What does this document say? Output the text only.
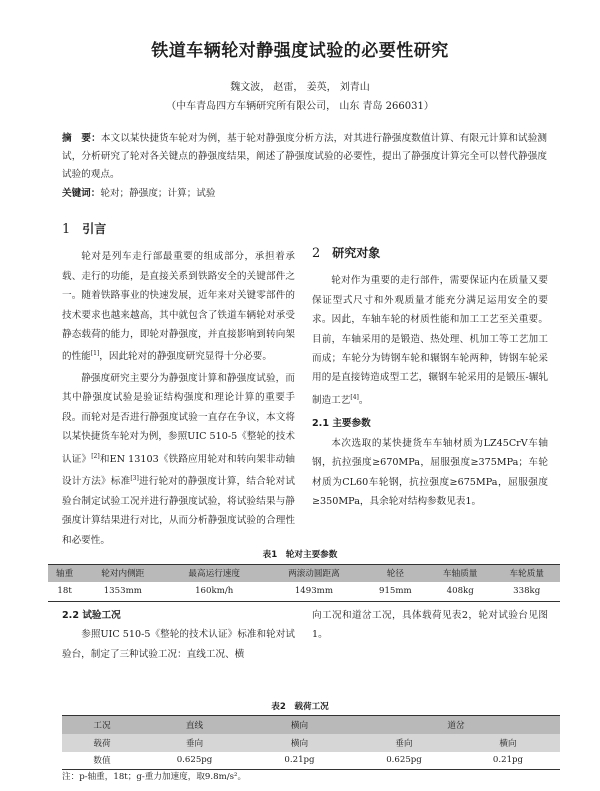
铁道车辆轮对静强度试验的必要性研究
魏文波， 赵雷， 姜英， 刘青山
（中车青岛四方车辆研究所有限公司， 山东 青岛 266031）
摘　要：本文以某快捷货车轮对为例，基于轮对静强度分析方法，对其进行静强度数值计算、有限元计算和试验测试，分析研究了轮对各关键点的静强度结果，阐述了静强度试验的必要性，提出了静强度计算完全可以替代静强度试验的观点。
关键词：轮对；静强度；计算；试验
1 引言

轮对是列车走行部最重要的组成部分，承担着承载、走行的功能，是直接关系到铁路安全的关键部件之一。随着铁路事业的快速发展，近年来对关键零部件的技术要求也越来越高，其中就包含了铁道车辆轮对承受静态载荷的能力，即轮对静强度，并直接影响到转向架的性能[1]，因此轮对的静强度研究显得十分必要。

静强度研究主要分为静强度计算和静强度试验，而其中静强度试验是验证结构强度和理论计算的重要手段。而轮对是否进行静强度试验一直存在争议，本文将以某快捷货车轮对为例，参照UIC 510-5《整轮的技术认证》[2]和EN 13103《铁路应用轮对和转向架非动轴设计方法》标准[3]进行轮对的静强度计算，结合轮对试验台制定试验工况并进行静强度试验，将试验结果与静强度计算结果进行对比，从而分析静强度试验的合理性和必要性。

2 研究对象

轮对作为重要的走行部件，需要保证内在质量又要保证型式尺寸和外观质量才能充分满足运用安全的要求。因此，车轴车轮的材质性能和加工工艺至关重要。目前，车轴采用的是锻造、热处理、机加工等工艺加工而成；车轮分为铸钢车轮和辗钢车轮两种，铸钢车轮采用的是直接铸造成型工艺，辗钢车轮采用的是锻压-辗轧制造工艺[4]。

2.1 主要参数

本次选取的某快捷货车车轴材质为LZ45CrV车轴钢，抗拉强度≥670MPa，屈服强度≥375MPa；车轮材质为CL60车轮钢，抗拉强度≥675MPa，屈服强度≥350MPa，具余轮对结构参数见表1。

表1　轮对主要参数
轴重	轮对内侧距	最高运行速度	两滚动圆距离	轮径	车轴质量	车轮质量
18t	1353mm	160km/h	1493mm	915mm	408kg	338kg
2.2 试验工况

参照UIC 510-5《整轮的技术认证》标准和轮对试验台，制定了三种试验工况：直线工况、横

向工况和道岔工况，具体载荷见表2，轮对试验台见图1。

表2　载荷工况
工况	直线	横向	道岔	
载荷	垂向	横向	垂向	横向
数值	0.625pg	0.21pg	0.625pg	0.21pg
注：p-轴重，18t；g-重力加速度，取9.8m/s²。
